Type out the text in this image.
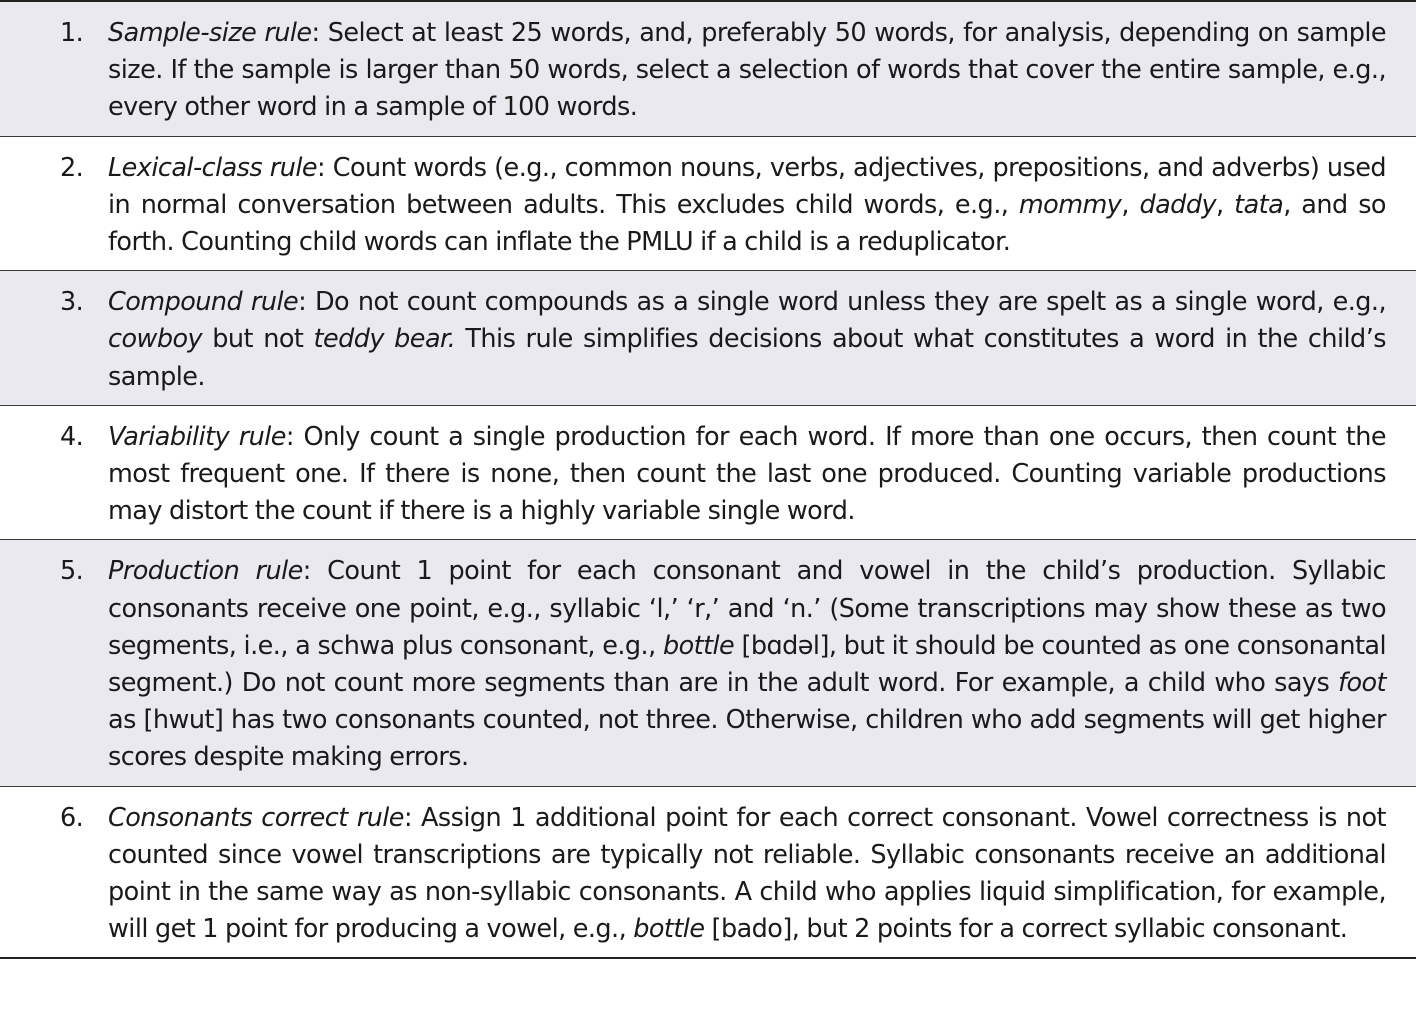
1. Sample-size rule: Select at least 25 words, and, preferably 50 words, for analysis, depending on sample size. If the sample is larger than 50 words, select a selection of words that cover the entire sample, e.g., every other word in a sample of 100 words.
2. Lexical-class rule: Count words (e.g., common nouns, verbs, adjectives, prepositions, and adverbs) used in normal conversation between adults. This excludes child words, e.g., mommy, daddy, tata, and so forth. Counting child words can inflate the PMLU if a child is a reduplicator.
3. Compound rule: Do not count compounds as a single word unless they are spelt as a single word, e.g., cowboy but not teddy bear. This rule simplifies decisions about what constitutes a word in the child’s sample.
4. Variability rule: Only count a single production for each word. If more than one occurs, then count the most frequent one. If there is none, then count the last one produced. Counting variable productions may distort the count if there is a highly variable single word.
5. Production rule: Count 1 point for each consonant and vowel in the child’s production. Syllabic consonants receive one point, e.g., syllabic ‘l,’ ‘r,’ and ‘n.’ (Some transcriptions may show these as two segments, i.e., a schwa plus consonant, e.g., bottle [bɑdəl], but it should be counted as one consonantal segment.) Do not count more segments than are in the adult word. For example, a child who says foot as [hwut] has two consonants counted, not three. Otherwise, children who add segments will get higher scores despite making errors.
6. Consonants correct rule: Assign 1 additional point for each correct consonant. Vowel correctness is not counted since vowel transcriptions are typically not reliable. Syllabic consonants receive an additional point in the same way as non-syllabic consonants. A child who applies liquid simplification, for example, will get 1 point for producing a vowel, e.g., bottle [bado], but 2 points for a correct syllabic consonant.
